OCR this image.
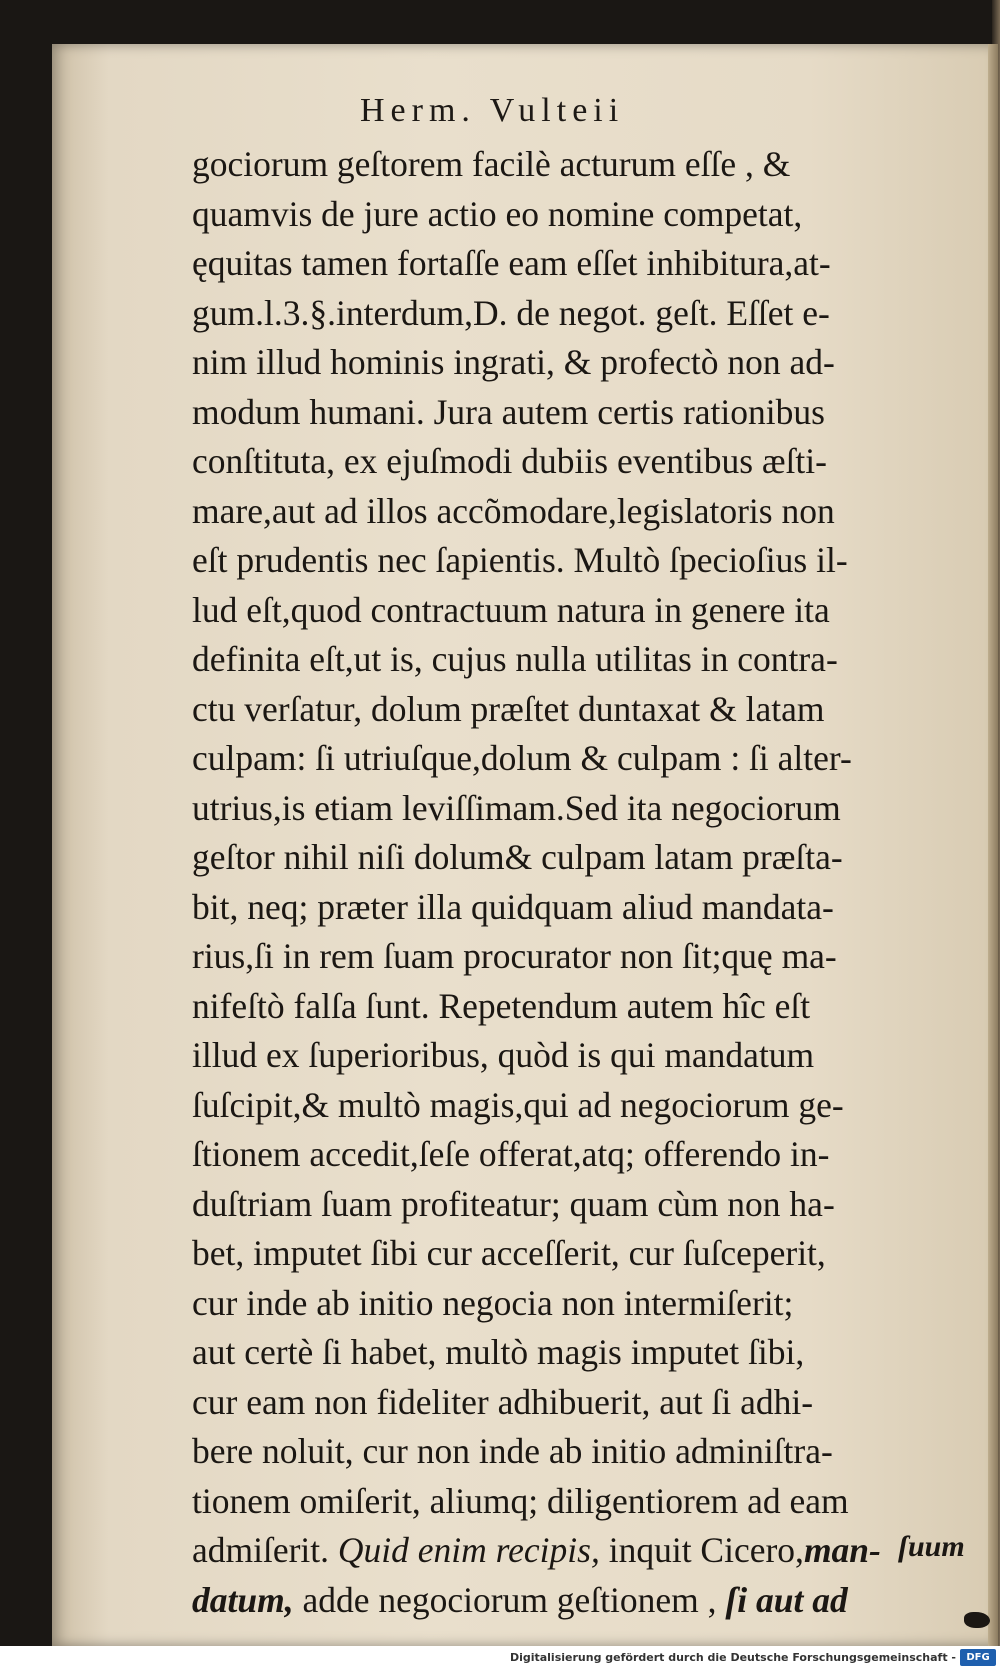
Herm. Vulteii
gociorum geſtorem facilè acturum eſſe , &
quamvis de jure actio eo nomine competat,
ęquitas tamen fortaſſe eam eſſet inhibitura,at-
gum.l.3.§.interdum,D. de negot. geſt. Eſſet e-
nim illud hominis ingrati, & profectò non ad-
modum humani. Jura autem certis rationibus
conſtituta, ex ejuſmodi dubiis eventibus æſti-
mare,aut ad illos accõmodare,legislatoris non
eſt prudentis nec ſapientis. Multò ſpecioſius il-
lud eſt,quod contractuum natura in genere ita
definita eſt,ut is, cujus nulla utilitas in contra-
ctu verſatur, dolum præſtet duntaxat & latam
culpam: ſi utriuſque,dolum & culpam : ſi alter-
utrius,is etiam leviſſimam.Sed ita negociorum
geſtor nihil niſi dolum& culpam latam præſta-
bit, neq; præter illa quidquam aliud mandata-
rius,ſi in rem ſuam procurator non ſit;quę ma-
nifeſtò falſa ſunt. Repetendum autem hîc eſt
illud ex ſuperioribus, quòd is qui mandatum
ſuſcipit,& multò magis,qui ad negociorum ge-
ſtionem accedit,ſeſe offerat,atq; offerendo in-
duſtriam ſuam profiteatur; quam cùm non ha-
bet, imputet ſibi cur acceſſerit, cur ſuſceperit,
cur inde ab initio negocia non intermiſerit;
aut certè ſi habet, multò magis imputet ſibi,
cur eam non fideliter adhibuerit, aut ſi adhi-
bere noluit, cur non inde ab initio adminiſtra-
tionem omiſerit, aliumq; diligentiorem ad eam
admiſerit. Quid enim recipis, inquit Cicero,man-
datum, adde negociorum geſtionem , ſi aut ad
ſuum
Digitalisierung gefördert durch die Deutsche Forschungsgemeinschaft -	DFG
